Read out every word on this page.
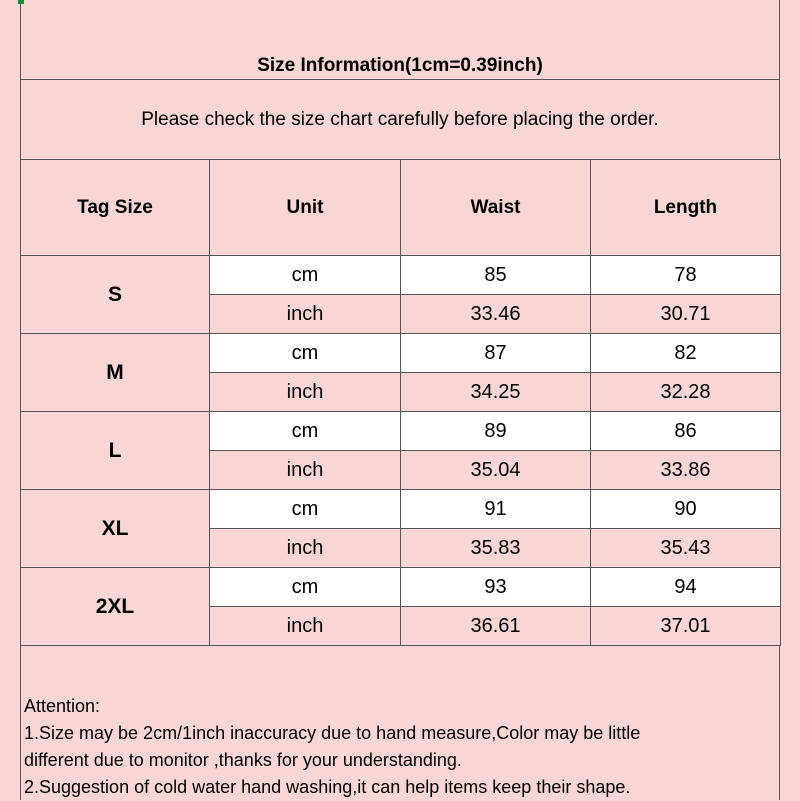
Size Information(1cm=0.39inch)
Please check the size chart carefully before placing the order.
Tag Size	Unit	Waist	Length
S	cm	85	78
	inch	33.46	30.71
M	cm	87	82
	inch	34.25	32.28
L	cm	89	86
	inch	35.04	33.86
XL	cm	91	90
	inch	35.83	35.43
2XL	cm	93	94
	inch	36.61	37.01
Attention:
1.Size may be 2cm/1inch inaccuracy due to hand measure,Color may be little
different due to monitor ,thanks for your understanding.
2.Suggestion of cold water hand washing,it can help items keep their shape.
